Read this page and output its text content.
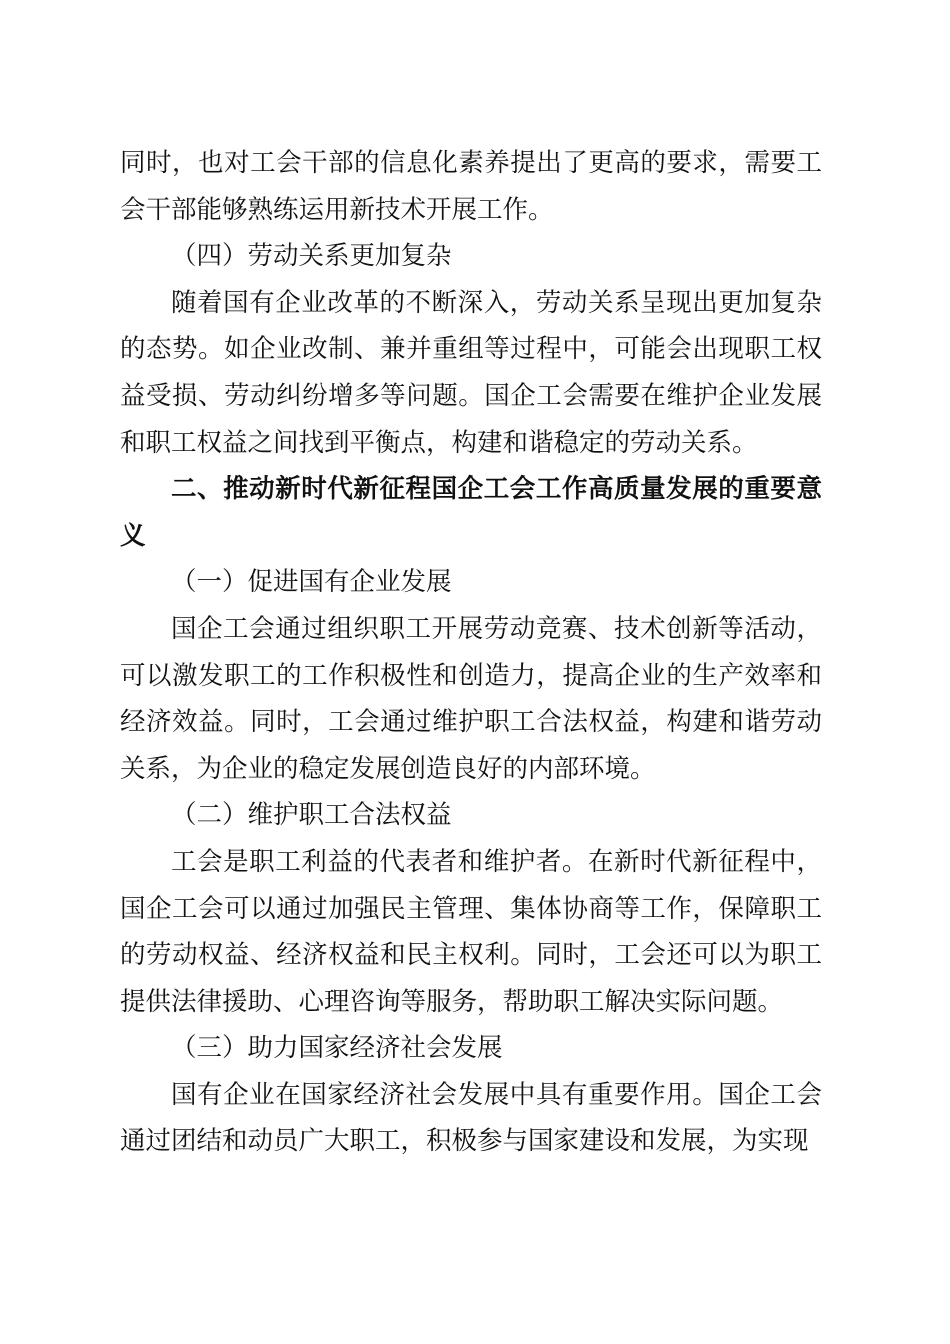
同时，也对工会干部的信息化素养提出了更高的要求，需要工会干部能够熟练运用新技术开展工作。

（四）劳动关系更加复杂

随着国有企业改革的不断深入，劳动关系呈现出更加复杂的态势。如企业改制、兼并重组等过程中，可能会出现职工权益受损、劳动纠纷增多等问题。国企工会需要在维护企业发展和职工权益之间找到平衡点，构建和谐稳定的劳动关系。

二、推动新时代新征程国企工会工作高质量发展的重要意义

（一）促进国有企业发展

国企工会通过组织职工开展劳动竞赛、技术创新等活动，可以激发职工的工作积极性和创造力，提高企业的生产效率和经济效益。同时，工会通过维护职工合法权益，构建和谐劳动关系，为企业的稳定发展创造良好的内部环境。

（二）维护职工合法权益

工会是职工利益的代表者和维护者。在新时代新征程中，国企工会可以通过加强民主管理、集体协商等工作，保障职工的劳动权益、经济权益和民主权利。同时，工会还可以为职工提供法律援助、心理咨询等服务，帮助职工解决实际问题。

（三）助力国家经济社会发展

国有企业在国家经济社会发展中具有重要作用。国企工会通过团结和动员广大职工，积极参与国家建设和发展，为实现
